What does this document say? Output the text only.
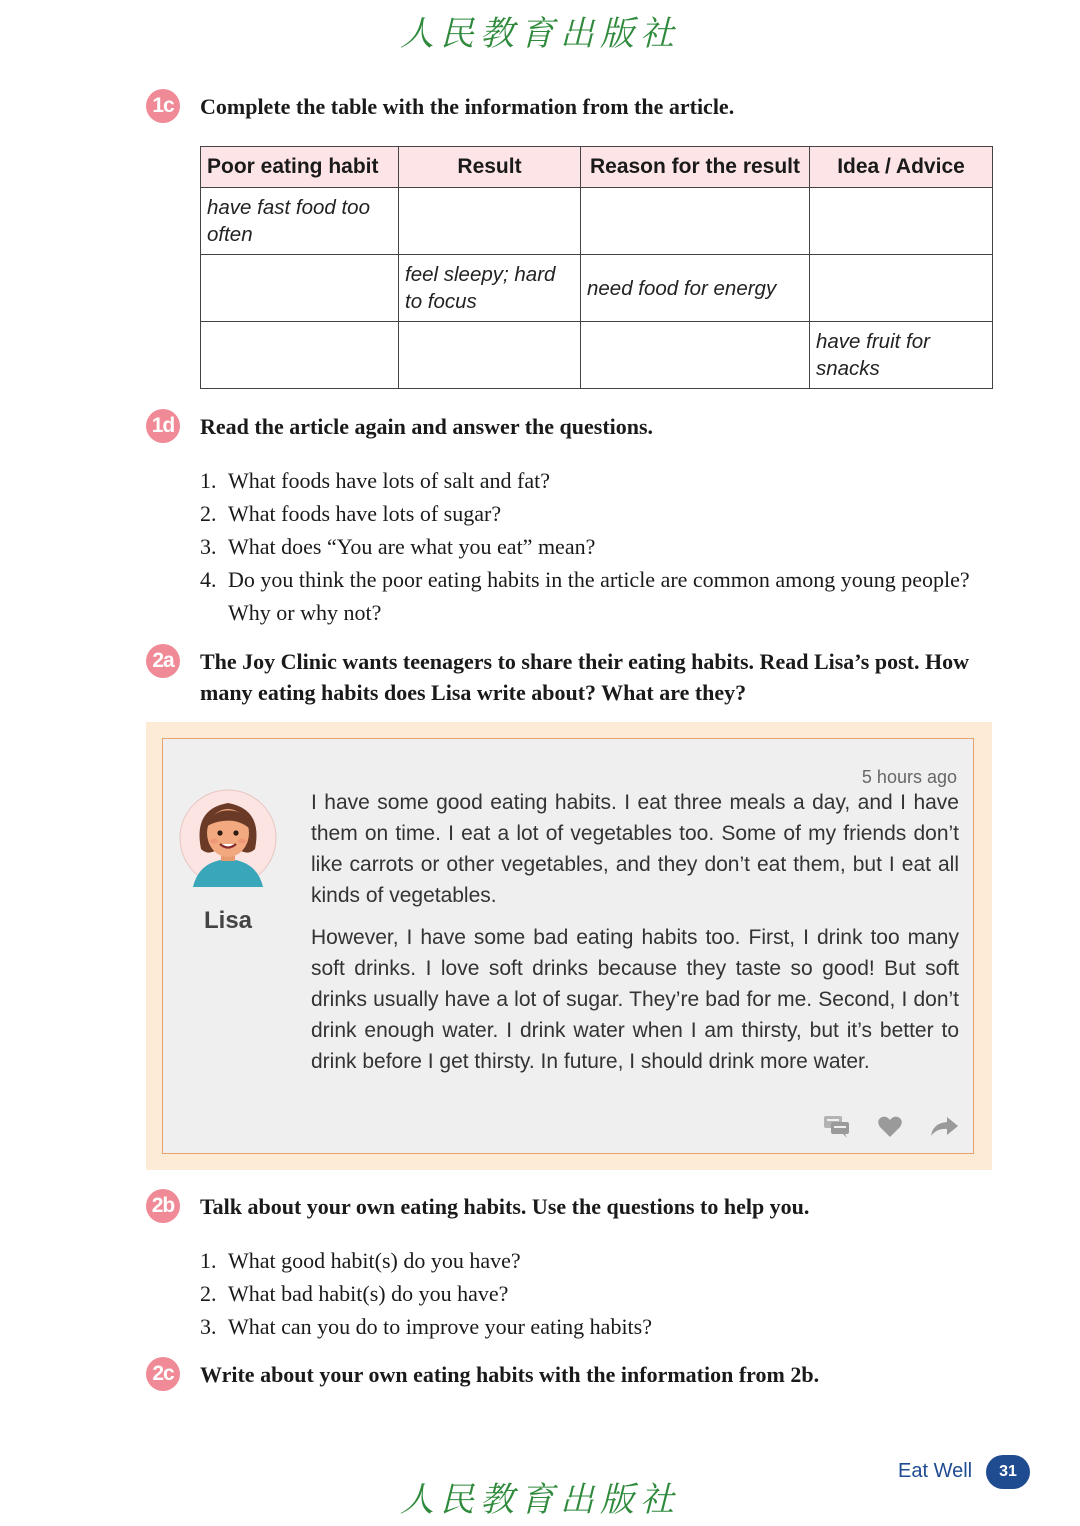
人民教育出版社
1c Complete the table with the information from the article.
Poor eating habit	Result	Reason for the result	Idea / Advice
have fast food too often			
	feel sleepy; hard to focus	need food for energy	
			have fruit for snacks
1d Read the article again and answer the questions.
1. What foods have lots of salt and fat?
2. What foods have lots of sugar?
3. What does “You are what you eat” mean?
4. Do you think the poor eating habits in the article are common among young people? Why or why not?
2a The Joy Clinic wants teenagers to share their eating habits. Read Lisa’s post. How many eating habits does Lisa write about? What are they?
5 hours ago
Lisa

I have some good eating habits. I eat three meals a day, and I have them on time. I eat a lot of vegetables too. Some of my friends don’t like carrots or other vegetables, and they don’t eat them, but I eat all kinds of vegetables.

However, I have some bad eating habits too. First, I drink too many soft drinks. I love soft drinks because they taste so good! But soft drinks usually have a lot of sugar. They’re bad for me. Second, I don’t drink enough water. I drink water when I am thirsty, but it’s better to drink before I get thirsty. In future, I should drink more water.

2b Talk about your own eating habits. Use the questions to help you.
1. What good habit(s) do you have?
2. What bad habit(s) do you have?
3. What can you do to improve your eating habits?
2c Write about your own eating habits with the information from 2b.
Eat Well	31
人民教育出版社
